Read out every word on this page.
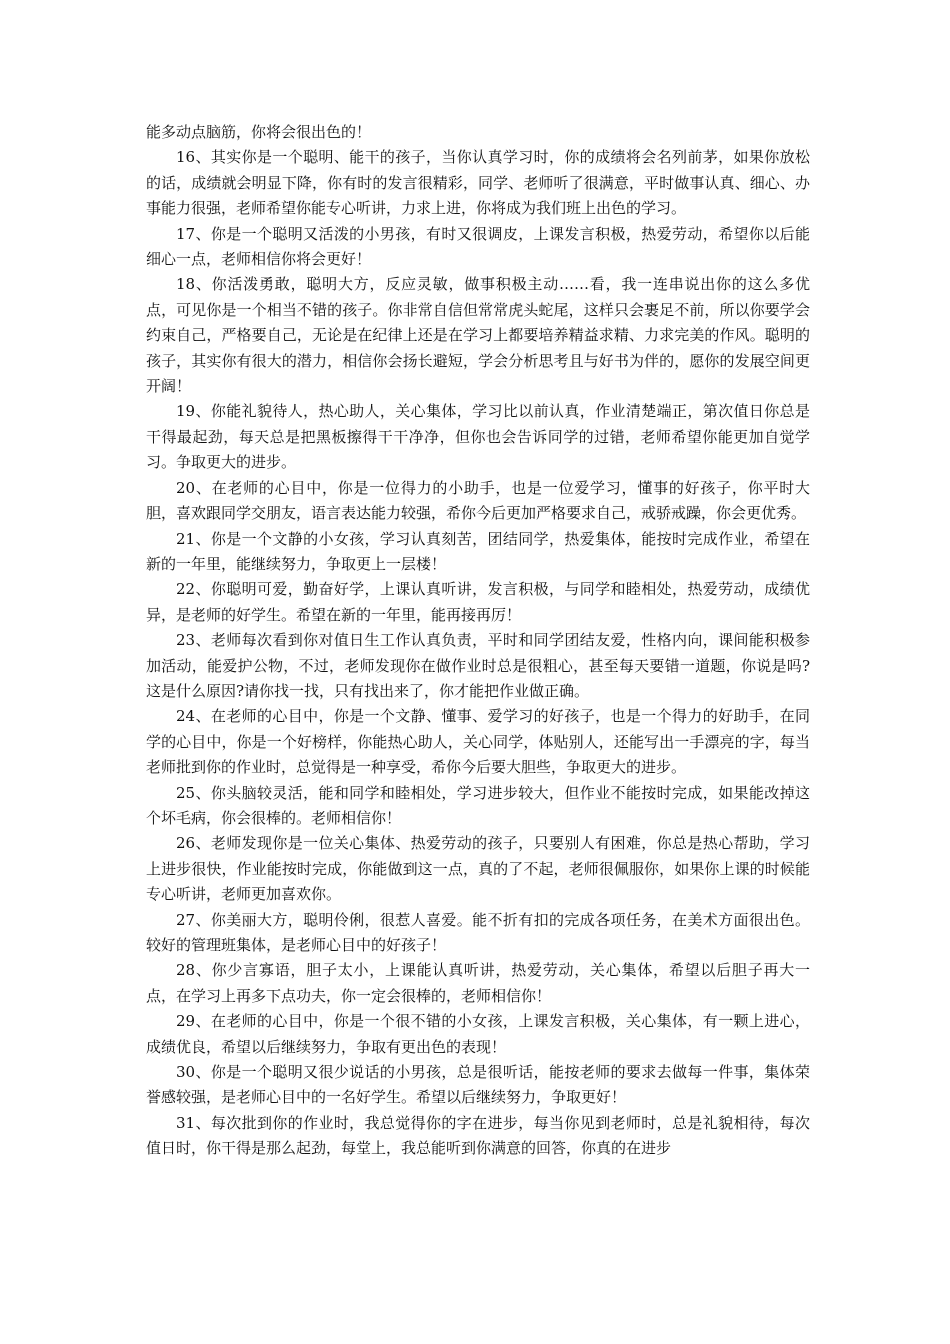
能多动点脑筋，你将会很出色的！

16、其实你是一个聪明、能干的孩子，当你认真学习时，你的成绩将会名列前茅，如果你放松的话，成绩就会明显下降，你有时的发言很精彩，同学、老师听了很满意，平时做事认真、细心、办事能力很强，老师希望你能专心听讲，力求上进，你将成为我们班上出色的学习。

17、你是一个聪明又活泼的小男孩，有时又很调皮，上课发言积极，热爱劳动，希望你以后能细心一点，老师相信你将会更好！

18、你活泼勇敢，聪明大方，反应灵敏，做事积极主动……看，我一连串说出你的这么多优点，可见你是一个相当不错的孩子。你非常自信但常常虎头蛇尾，这样只会裹足不前，所以你要学会约束自己，严格要自己，无论是在纪律上还是在学习上都要培养精益求精、力求完美的作风。聪明的孩子，其实你有很大的潜力，相信你会扬长避短，学会分析思考且与好书为伴的，愿你的发展空间更开阔！

19、你能礼貌待人，热心助人，关心集体，学习比以前认真，作业清楚端正，第次值日你总是干得最起劲，每天总是把黑板擦得干干净净，但你也会告诉同学的过错，老师希望你能更加自觉学习。争取更大的进步。

20、在老师的心目中，你是一位得力的小助手，也是一位爱学习，懂事的好孩子，你平时大胆，喜欢跟同学交朋友，语言表达能力较强，希你今后更加严格要求自己，戒骄戒躁，你会更优秀。

21、你是一个文静的小女孩，学习认真刻苦，团结同学，热爱集体，能按时完成作业，希望在新的一年里，能继续努力，争取更上一层楼！

22、你聪明可爱，勤奋好学，上课认真听讲，发言积极，与同学和睦相处，热爱劳动，成绩优异，是老师的好学生。希望在新的一年里，能再接再厉！

23、老师每次看到你对值日生工作认真负责，平时和同学团结友爱，性格内向，课间能积极参加活动，能爱护公物，不过，老师发现你在做作业时总是很粗心，甚至每天要错一道题，你说是吗?这是什么原因?请你找一找，只有找出来了，你才能把作业做正确。

24、在老师的心目中，你是一个文静、懂事、爱学习的好孩子，也是一个得力的好助手，在同学的心目中，你是一个好榜样，你能热心助人，关心同学，体贴别人，还能写出一手漂亮的字，每当老师批到你的作业时，总觉得是一种享受，希你今后要大胆些，争取更大的进步。

25、你头脑较灵活，能和同学和睦相处，学习进步较大，但作业不能按时完成，如果能改掉这个坏毛病，你会很棒的。老师相信你！

26、老师发现你是一位关心集体、热爱劳动的孩子，只要别人有困难，你总是热心帮助，学习上进步很快，作业能按时完成，你能做到这一点，真的了不起，老师很佩服你，如果你上课的时候能专心听讲，老师更加喜欢你。

27、你美丽大方，聪明伶俐，很惹人喜爱。能不折有扣的完成各项任务，在美术方面很出色。较好的管理班集体，是老师心目中的好孩子！

28、你少言寡语，胆子太小，上课能认真听讲，热爱劳动，关心集体，希望以后胆子再大一点，在学习上再多下点功夫，你一定会很棒的，老师相信你！

29、在老师的心目中，你是一个很不错的小女孩，上课发言积极，关心集体，有一颗上进心，成绩优良，希望以后继续努力，争取有更出色的表现！

30、你是一个聪明又很少说话的小男孩，总是很听话，能按老师的要求去做每一件事，集体荣誉感较强，是老师心目中的一名好学生。希望以后继续努力，争取更好！

31、每次批到你的作业时，我总觉得你的字在进步，每当你见到老师时，总是礼貌相待，每次值日时，你干得是那么起劲，每堂上，我总能听到你满意的回答，你真的在进步
